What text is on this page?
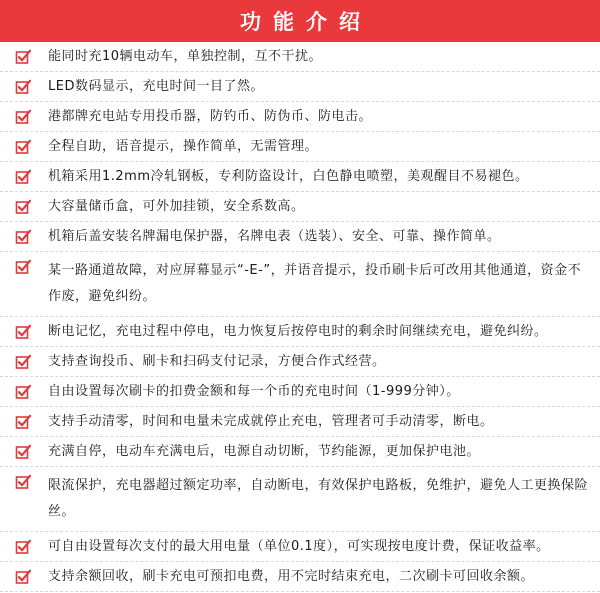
功能介绍
能同时充10辆电动车，单独控制，互不干扰。
LED数码显示，充电时间一目了然。
港都牌充电站专用投币器，防钓币、防伪币、防电击。
全程自助，语音提示，操作简单，无需管理。
机箱采用1.2mm冷轧钢板，专利防盗设计，白色静电喷塑，美观醒目不易褪色。
大容量储币盒，可外加挂锁，安全系数高。
机箱后盖安装名牌漏电保护器，名牌电表（选装）、安全、可靠、操作简单。
某一路通道故障，对应屏幕显示“-E-”，并语音提示，投币刷卡后可改用其他通道，资金不作废，避免纠纷。
断电记忆，充电过程中停电，电力恢复后按停电时的剩余时间继续充电，避免纠纷。
支持查询投币、刷卡和扫码支付记录，方便合作式经营。
自由设置每次刷卡的扣费金额和每一个币的充电时间（1-999分钟）。
支持手动清零，时间和电量未完成就停止充电，管理者可手动清零，断电。
充满自停，电动车充满电后，电源自动切断，节约能源，更加保护电池。
限流保护，充电器超过额定功率，自动断电，有效保护电路板，免维护，避免人工更换保险丝。
可自由设置每次支付的最大用电量（单位0.1度），可实现按电度计费，保证收益率。
支持余额回收，刷卡充电可预扣电费，用不完时结束充电，二次刷卡可回收余额。
